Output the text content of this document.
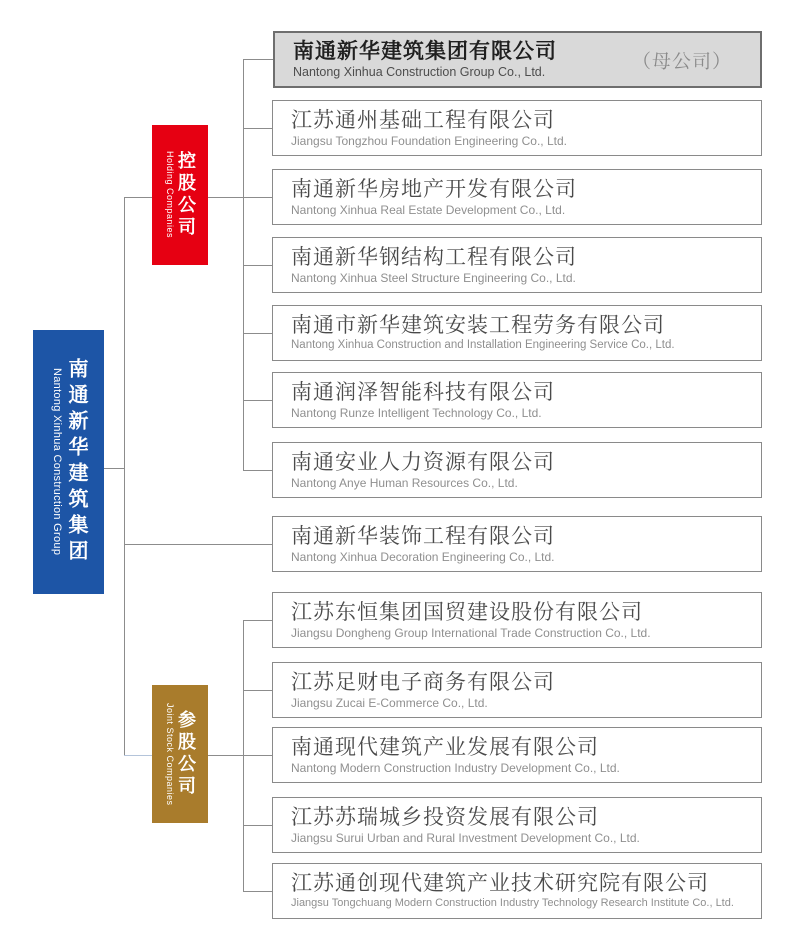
Nantong Xinhua Construction Group 南通新华建筑集团
Holding Companies 控股公司
Joint Stock Companies 参股公司
南通新华建筑集团有限公司
Nantong Xinhua Construction Group Co., Ltd.	（母公司）
江苏通州基础工程有限公司
Jiangsu Tongzhou Foundation Engineering Co., Ltd.
南通新华房地产开发有限公司
Nantong Xinhua Real Estate Development Co., Ltd.
南通新华钢结构工程有限公司
Nantong Xinhua Steel Structure Engineering Co., Ltd.
南通市新华建筑安装工程劳务有限公司
Nantong Xinhua Construction and Installation Engineering Service Co., Ltd.
南通润泽智能科技有限公司
Nantong Runze Intelligent Technology Co., Ltd.
南通安业人力资源有限公司
Nantong Anye Human Resources Co., Ltd.
南通新华装饰工程有限公司
Nantong Xinhua Decoration Engineering Co., Ltd.
江苏东恒集团国贸建设股份有限公司
Jiangsu Dongheng Group International Trade Construction Co., Ltd.
江苏足财电子商务有限公司
Jiangsu Zucai E-Commerce Co., Ltd.
南通现代建筑产业发展有限公司
Nantong Modern Construction Industry Development Co., Ltd.
江苏苏瑞城乡投资发展有限公司
Jiangsu Surui Urban and Rural Investment Development Co., Ltd.
江苏通创现代建筑产业技术研究院有限公司
Jiangsu Tongchuang Modern Construction Industry Technology Research Institute Co., Ltd.
